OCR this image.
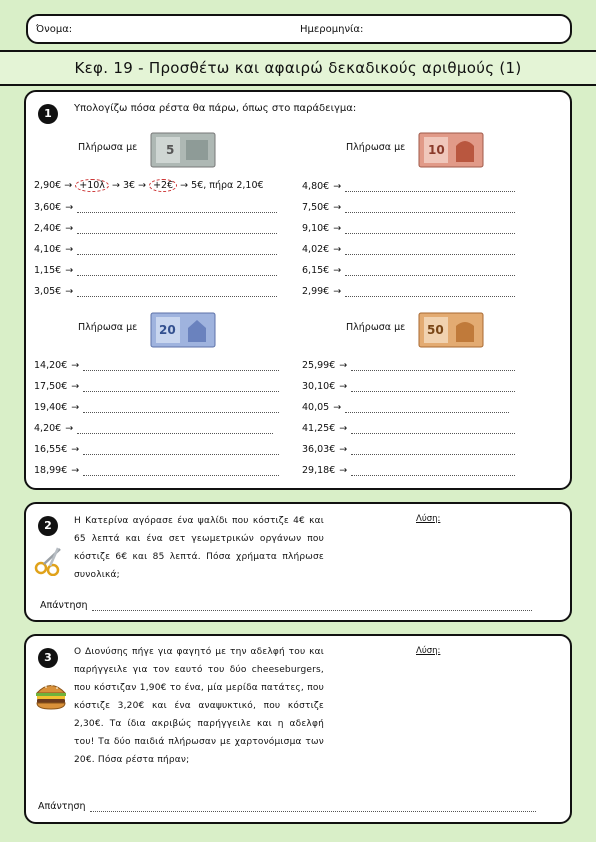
Όνομα:	Ημερομηνία:
Κεφ. 19 - Προσθέτω και αφαιρώ δεκαδικούς αριθμούς (1)
1	Υπολογίζω πόσα ρέστα θα πάρω, όπως στο παράδειγμα:
Πλήρωσα με 5	Πλήρωσα με 10
2,90€ → +10λ → 3€ → +2€ → 5€, πήρα 2,10€
3,60€ →
2,40€ →
4,10€ →
1,15€ →
3,05€ →
4,80€ →
7,50€ →
9,10€ →
4,02€ →
6,15€ →
2,99€ →
Πλήρωσα με 20	Πλήρωσα με 50
14,20€ →
17,50€ →
19,40€ →
4,20€ →
16,55€ →
18,99€ →
25,99€ →
30,10€ →
40,05 →
41,25€ →
36,03€ →
29,18€ →
2	Η Κατερίνα αγόρασε ένα ψαλίδι που κόστιζε 4€ και 65 λεπτά και ένα σετ γεωμετρικών οργάνων που κόστιζε 6€ και 85 λεπτά. Πόσα χρήματα πλήρωσε συνολικά;
Λύση:
Απάντηση
3	Ο Διονύσης πήγε για φαγητό με την αδελφή του και παρήγγειλε για τον εαυτό του δύο cheeseburgers, που κόστιζαν 1,90€ το ένα, μία μερίδα πατάτες, που κόστιζε 3,20€ και ένα αναψυκτικό, που κόστιζε 2,30€. Τα ίδια ακριβώς παρήγγειλε και η αδελφή του! Τα δύο παιδιά πλήρωσαν με χαρτονόμισμα των 20€. Πόσα ρέστα πήραν;
Λύση:
Απάντηση
